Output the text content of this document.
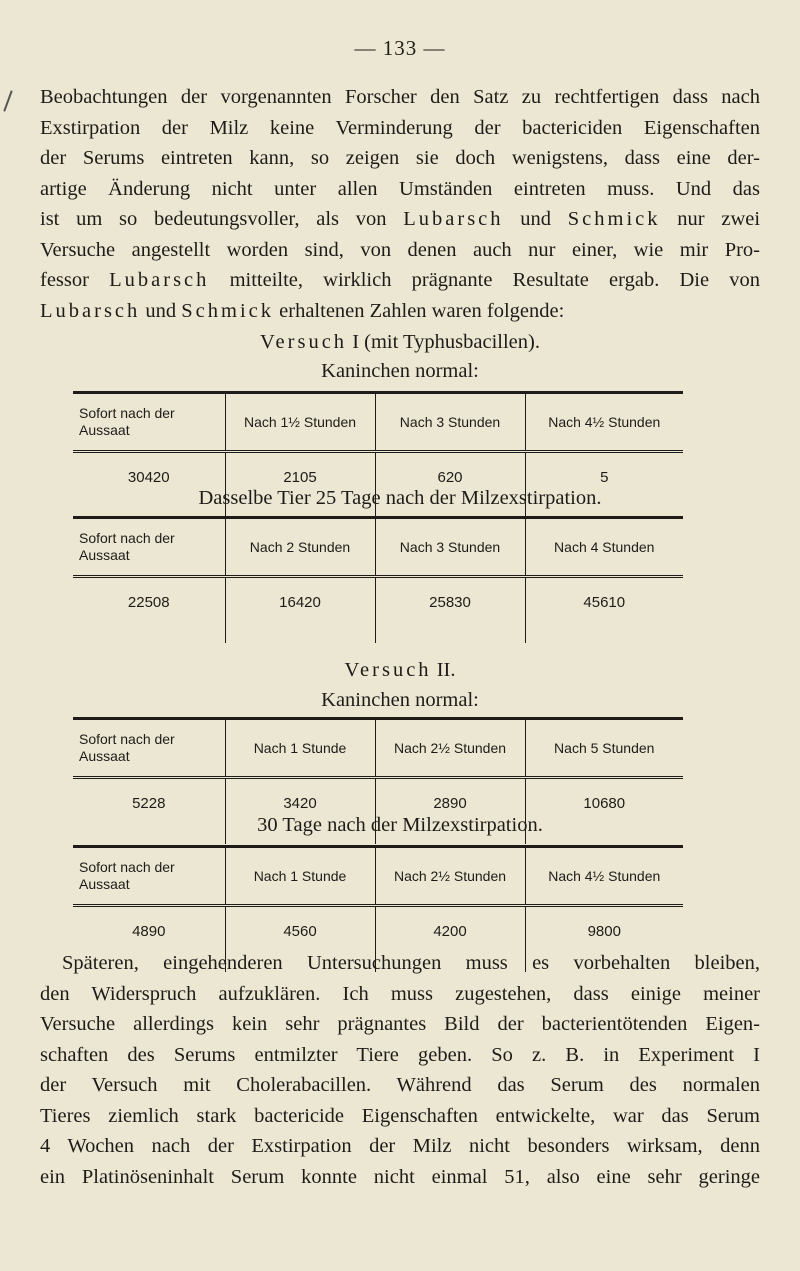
— 133 —
Beobachtungen der vorgenannten Forscher den Satz zu rechtfertigen dass nach
Exstirpation der Milz keine Verminderung der bactericiden Eigenschaften
der Serums eintreten kann, so zeigen sie doch wenigstens, dass eine der-
artige Änderung nicht unter allen Umständen eintreten muss. Und das
ist um so bedeutungsvoller, als von Lubarsch und Schmick nur zwei
Versuche angestellt worden sind, von denen auch nur einer, wie mir Pro-
fessor Lubarsch mitteilte, wirklich prägnante Resultate ergab. Die von
Lubarsch und Schmick erhaltenen Zahlen waren folgende:
Versuch I (mit Typhusbacillen).
Kaninchen normal:
Sofort nach der Aussaat	Nach 1½ Stunden	Nach 3 Stunden	Nach 4½ Stunden
30420	2105	620	5
Dasselbe Tier 25 Tage nach der Milzexstirpation.
Sofort nach der Aussaat	Nach 2 Stunden	Nach 3 Stunden	Nach 4 Stunden
22508	16420	25830	45610
Versuch II.
Kaninchen normal:
Sofort nach der Aussaat	Nach 1 Stunde	Nach 2½ Stunden	Nach 5 Stunden
5228	3420	2890	10680
30 Tage nach der Milzexstirpation.
Sofort nach der Aussaat	Nach 1 Stunde	Nach 2½ Stunden	Nach 4½ Stunden
4890	4560	4200	9800
Späteren, eingehenderen Untersuchungen muss es vorbehalten bleiben,
den Widerspruch aufzuklären. Ich muss zugestehen, dass einige meiner
Versuche allerdings kein sehr prägnantes Bild der bacterientötenden Eigen-
schaften des Serums entmilzter Tiere geben. So z. B. in Experiment I
der Versuch mit Cholerabacillen. Während das Serum des normalen
Tieres ziemlich stark bactericide Eigenschaften entwickelte, war das Serum
4 Wochen nach der Exstirpation der Milz nicht besonders wirksam, denn
ein Platinöseninhalt Serum konnte nicht einmal 51, also eine sehr geringe
